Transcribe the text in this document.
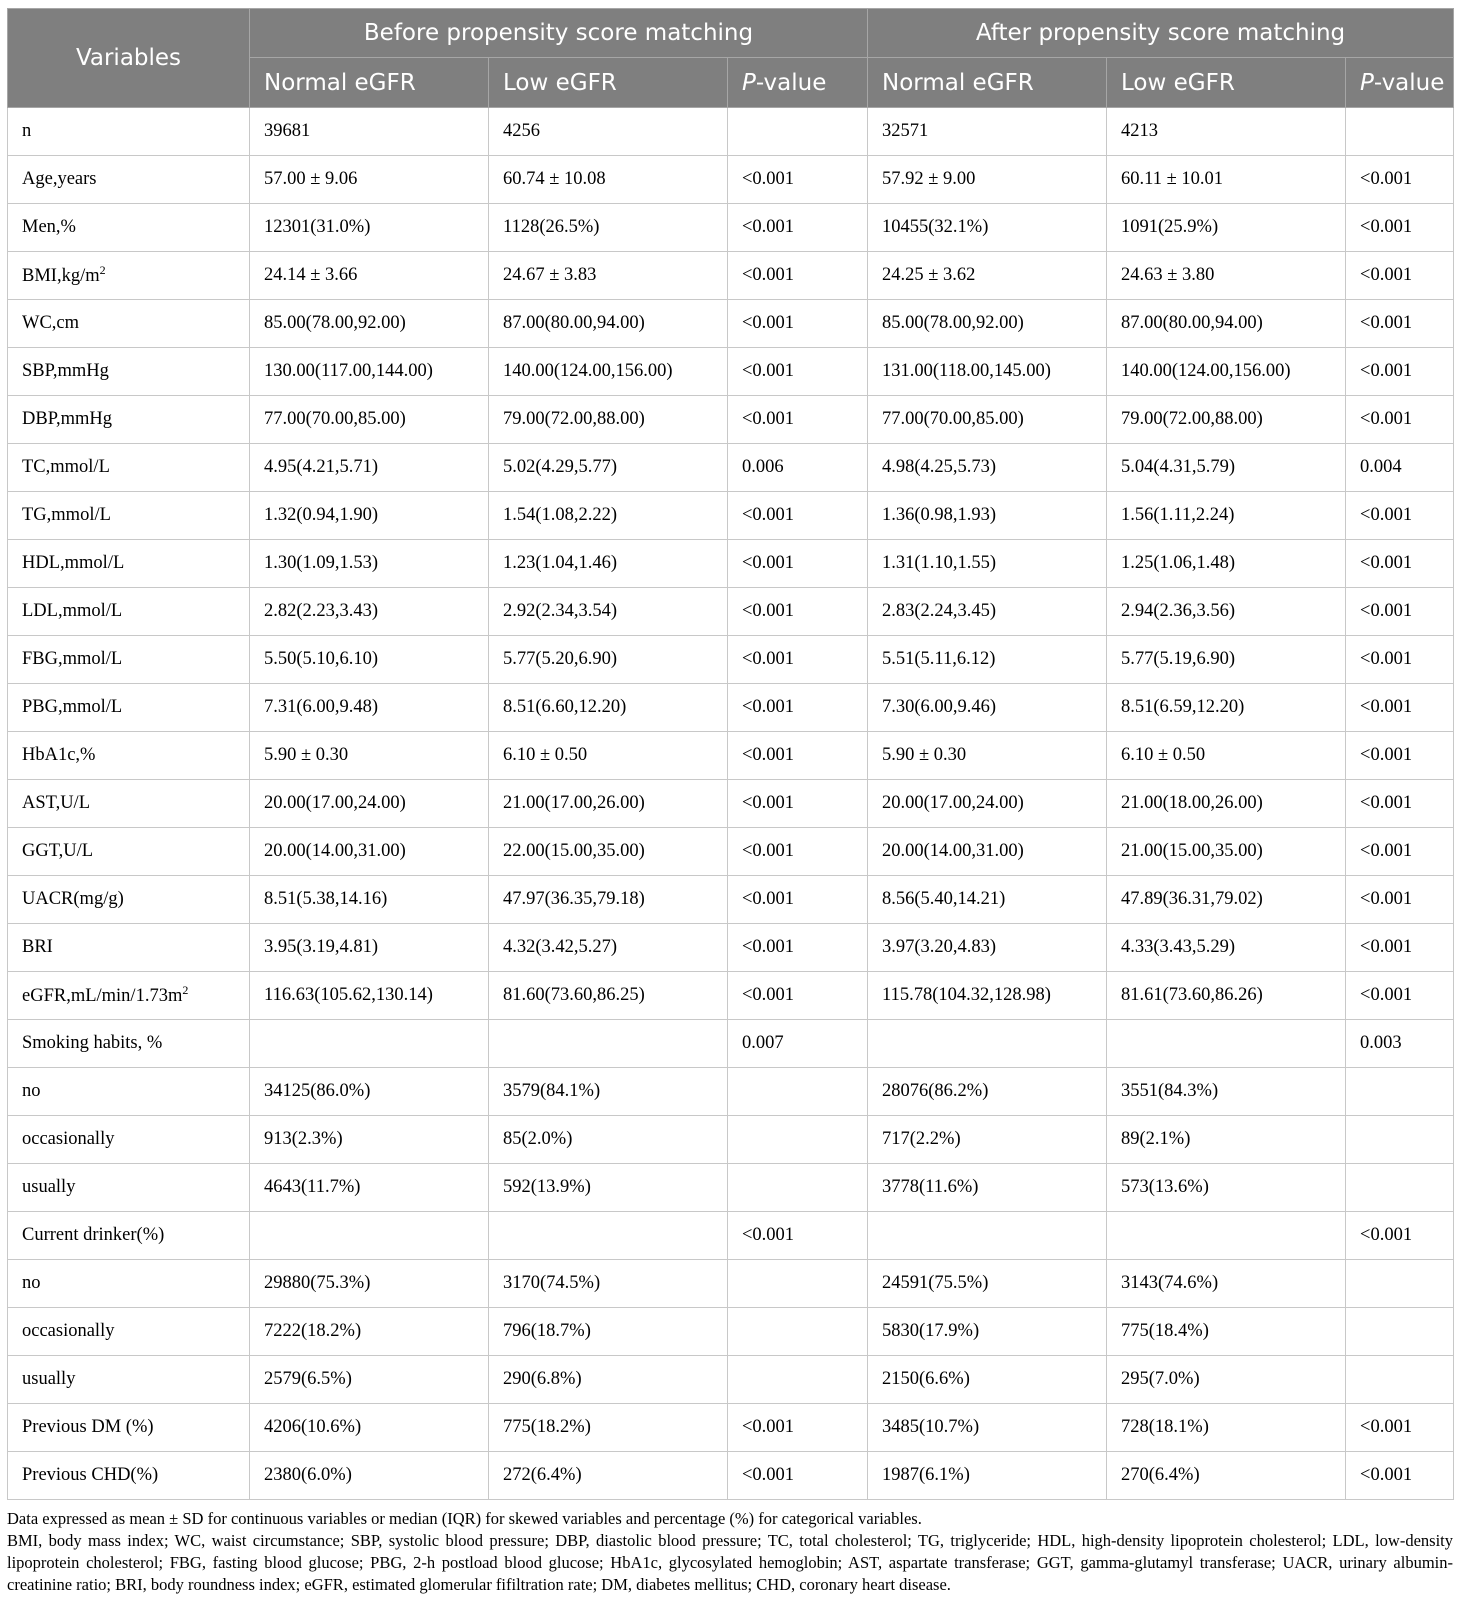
Variables	Before propensity score matching			After propensity score matching		
	Normal eGFR	Low eGFR	P-value	Normal eGFR	Low eGFR	P-value
n	39681	4256		32571	4213	
Age,years	57.00 ± 9.06	60.74 ± 10.08	<0.001	57.92 ± 9.00	60.11 ± 10.01	<0.001
Men,%	12301(31.0%)	1128(26.5%)	<0.001	10455(32.1%)	1091(25.9%)	<0.001
$BMI,kg/m^2$	24.14 ± 3.66	24.67 ± 3.83	<0.001	24.25 ± 3.62	24.63 ± 3.80	<0.001
WC,cm	85.00(78.00,92.00)	87.00(80.00,94.00)	<0.001	85.00(78.00,92.00)	87.00(80.00,94.00)	<0.001
SBP,mmHg	130.00(117.00,144.00)	140.00(124.00,156.00)	<0.001	131.00(118.00,145.00)	140.00(124.00,156.00)	<0.001
DBP,mmHg	77.00(70.00,85.00)	79.00(72.00,88.00)	<0.001	77.00(70.00,85.00)	79.00(72.00,88.00)	<0.001
TC,mmol/L	4.95(4.21,5.71)	5.02(4.29,5.77)	0.006	4.98(4.25,5.73)	5.04(4.31,5.79)	0.004
TG,mmol/L	1.32(0.94,1.90)	1.54(1.08,2.22)	<0.001	1.36(0.98,1.93)	1.56(1.11,2.24)	<0.001
HDL,mmol/L	1.30(1.09,1.53)	1.23(1.04,1.46)	<0.001	1.31(1.10,1.55)	1.25(1.06,1.48)	<0.001
LDL,mmol/L	2.82(2.23,3.43)	2.92(2.34,3.54)	<0.001	2.83(2.24,3.45)	2.94(2.36,3.56)	<0.001
FBG,mmol/L	5.50(5.10,6.10)	5.77(5.20,6.90)	<0.001	5.51(5.11,6.12)	5.77(5.19,6.90)	<0.001
PBG,mmol/L	7.31(6.00,9.48)	8.51(6.60,12.20)	<0.001	7.30(6.00,9.46)	8.51(6.59,12.20)	<0.001
HbA1c,%	5.90 ± 0.30	6.10 ± 0.50	<0.001	5.90 ± 0.30	6.10 ± 0.50	<0.001
AST,U/L	20.00(17.00,24.00)	21.00(17.00,26.00)	<0.001	20.00(17.00,24.00)	21.00(18.00,26.00)	<0.001
GGT,U/L	20.00(14.00,31.00)	22.00(15.00,35.00)	<0.001	20.00(14.00,31.00)	21.00(15.00,35.00)	<0.001
UACR(mg/g)	8.51(5.38,14.16)	47.97(36.35,79.18)	<0.001	8.56(5.40,14.21)	47.89(36.31,79.02)	<0.001
BRI	3.95(3.19,4.81)	4.32(3.42,5.27)	<0.001	3.97(3.20,4.83)	4.33(3.43,5.29)	<0.001
$eGFR,mL/\min/1.73m^2$	116.63(105.62,130.14)	81.60(73.60,86.25)	<0.001	115.78(104.32,128.98)	81.61(73.60,86.26)	<0.001
Smoking habits, %			0.007			0.003
no	34125(86.0%)	3579(84.1%)		28076(86.2%)	3551(84.3%)	
occasionally	913(2.3%)	85(2.0%)		717(2.2%)	89(2.1%)	
usually	4643(11.7%)	592(13.9%)		3778(11.6%)	573(13.6%)	
Current drinker(%)			<0.001			<0.001
no	29880(75.3%)	3170(74.5%)		24591(75.5%)	3143(74.6%)	
occasionally	7222(18.2%)	796(18.7%)		5830(17.9%)	775(18.4%)	
usually	2579(6.5%)	290(6.8%)		2150(6.6%)	295(7.0%)	
Previous DM (%)	4206(10.6%)	775(18.2%)	<0.001	3485(10.7%)	728(18.1%)	<0.001
Previous CHD(%)	2380(6.0%)	272(6.4%)	<0.001	1987(6.1%)	270(6.4%)	<0.001

Data expressed as mean ± SD for continuous variables or median (IQR) for skewed variables and percentage (%) for categorical variables.

BMI, body mass index; WC, waist circumstance; SBP, systolic blood pressure; DBP, diastolic blood pressure; TC, total cholesterol; TG, triglyceride; HDL, high-density lipoprotein cholesterol; LDL, low-density lipoprotein cholesterol; FBG, fasting blood glucose; PBG, 2-h postload blood glucose; HbA1c, glycosylated hemoglobin; AST, aspartate transferase; GGT, gamma-glutamyl transferase; UACR, urinary albumin-creatinine ratio; BRI, body roundness index; eGFR, estimated glomerular fifiltration rate; DM, diabetes mellitus; CHD, coronary heart disease.
